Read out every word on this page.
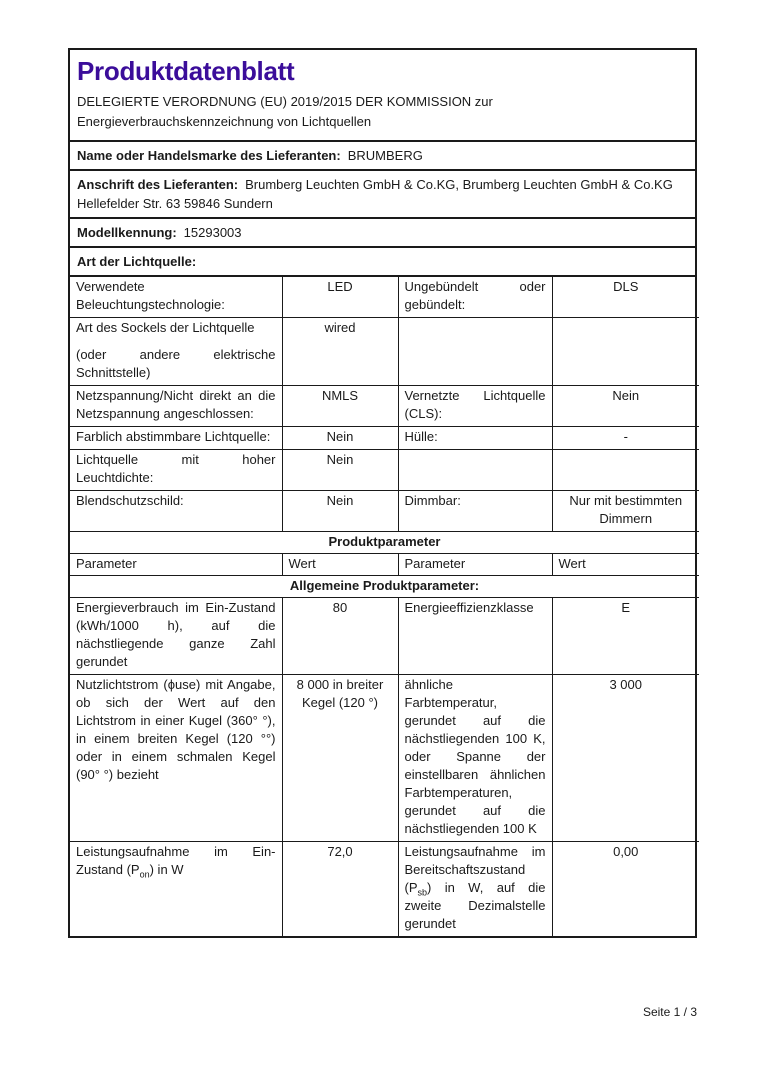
Produktdatenblatt

DELEGIERTE VERORDNUNG (EU) 2019/2015 DER KOMMISSION zur Energieverbrauchskennzeichnung von Lichtquellen

Name oder Handelsmarke des Lieferanten: BRUMBERG
Anschrift des Lieferanten: Brumberg Leuchten GmbH & Co.KG, Brumberg Leuchten GmbH & Co.KG Hellefelder Str. 63 59846 Sundern
Modellkennung: 15293003
Art der Lichtquelle:
Verwendete Beleuchtungstechnologie:	LED	Ungebündelt oder gebündelt:	DLS

Art des Sockels der Lichtquelle
(oder andere elektrische Schnittstelle)	wired		
Netzspannung/Nicht direkt an die Netzspannung angeschlossen:	NMLS	Vernetzte Lichtquelle (CLS):	Nein
Farblich abstimmbare Lichtquelle:	Nein	Hülle:	-
Lichtquelle mit hoher Leuchtdichte:	Nein		
Blendschutzschild:	Nein	Dimmbar:	Nur mit bestimmten Dimmern
Produktparameter			
Parameter	Wert	Parameter	Wert
Allgemeine Produktparameter:			
Energieverbrauch im Ein-Zustand (kWh/1000 h), auf die nächstliegende ganze Zahl gerundet	80	Energieeffizienzklasse	E
Nutzlichtstrom (ϕuse) mit Angabe, ob sich der Wert auf den Lichtstrom in einer Kugel (360° °), in einem breiten Kegel (120 °°) oder in einem schmalen Kegel (90° °) bezieht	8 000 in breiter Kegel (120 °)	ähnliche Farbtemperatur, gerundet auf die nächstliegenden 100 K, oder Spanne der einstellbaren ähnlichen Farbtemperaturen, gerundet auf die nächstliegenden 100 K	3 000
Leistungsaufnahme im Ein-Zustand $(P_{on})$ in W	72,0	Leistungsaufnahme im Bereitschaftszustand $(P_{sb})$ in W, auf die zweite Dezimalstelle gerundet	0,00
Seite 1 / 3
